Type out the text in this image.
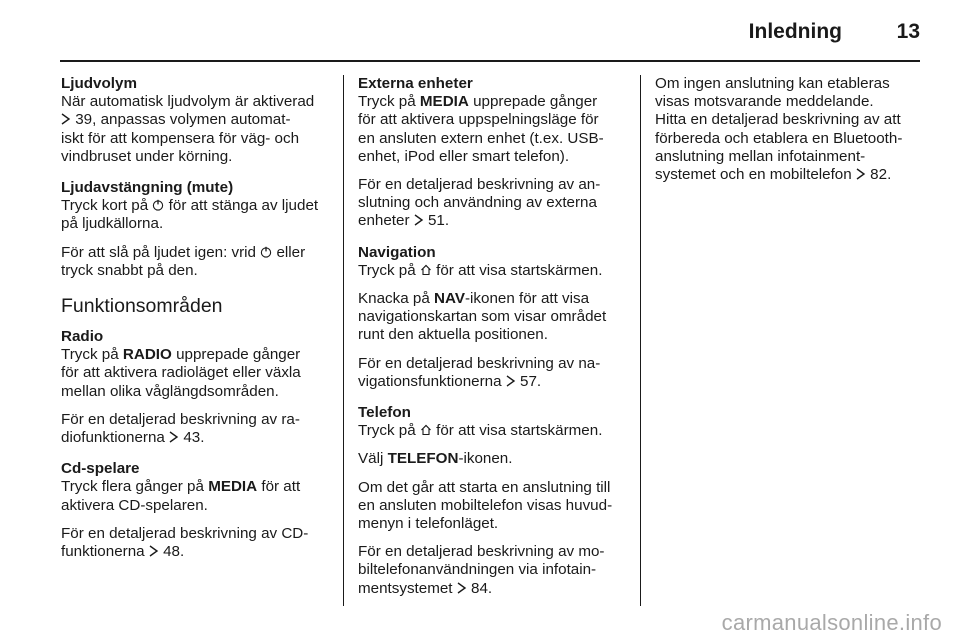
Inledning	13
Ljudvolym
När automatisk ljudvolym är aktiverad
39, anpassas volymen automat-
iskt för att kompensera för väg- och
vindbruset under körning.
Ljudavstängning (mute)
Tryck kort på för att stänga av ljudet
på ljudkällorna.
För att slå på ljudet igen: vrid eller
tryck snabbt på den.
Funktionsområden
Radio
Tryck på RADIO upprepade gånger
för att aktivera radioläget eller växla
mellan olika våglängdsområden.
För en detaljerad beskrivning av ra-
diofunktionerna 43.
Cd-spelare
Tryck flera gånger på MEDIA för att
aktivera CD-spelaren.
För en detaljerad beskrivning av CD-
funktionerna 48.
Externa enheter
Tryck på MEDIA upprepade gånger
för att aktivera uppspelningsläge för
en ansluten extern enhet (t.ex. USB-
enhet, iPod eller smart telefon).
För en detaljerad beskrivning av an-
slutning och användning av externa
enheter 51.
Navigation
Tryck på för att visa startskärmen.
Knacka på NAV-ikonen för att visa
navigationskartan som visar området
runt den aktuella positionen.
För en detaljerad beskrivning av na-
vigationsfunktionerna 57.
Telefon
Tryck på för att visa startskärmen.
Välj TELEFON-ikonen.
Om det går att starta en anslutning till
en ansluten mobiltelefon visas huvud-
menyn i telefonläget.
För en detaljerad beskrivning av mo-
biltelefonanvändningen via infotain-
mentsystemet 84.
Om ingen anslutning kan etableras
visas motsvarande meddelande.
Hitta en detaljerad beskrivning av att
förbereda och etablera en Bluetooth-
anslutning mellan infotainment-
systemet och en mobiltelefon 82.
carmanualsonline.info
